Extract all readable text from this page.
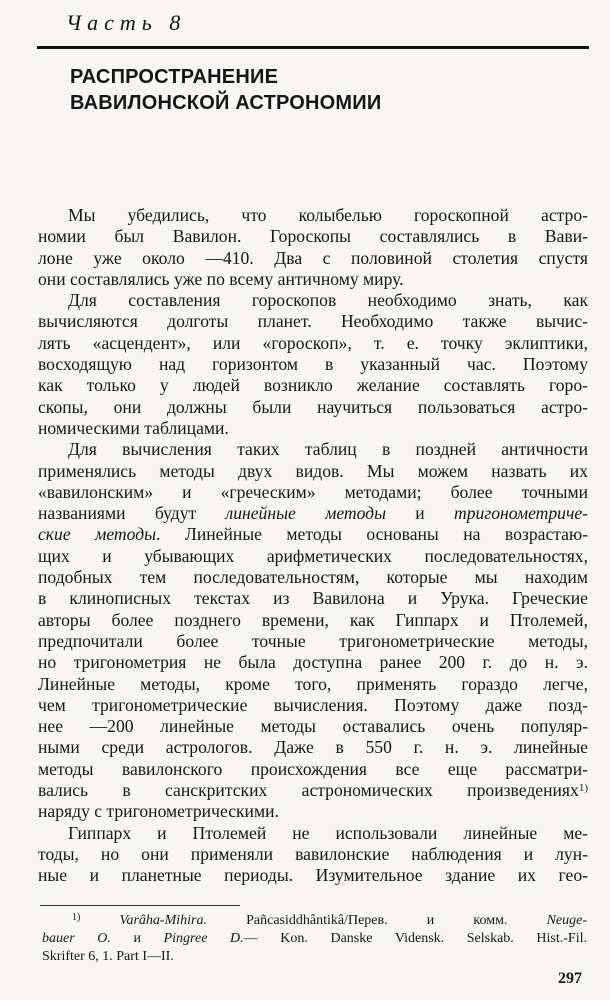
Часть 8
РАСПРОСТРАНЕНИЕ
ВАВИЛОНСКОЙ АСТРОНОМИИ
Мы убедились, что колыбелью гороскопной астро-
номии был Вавилон. Гороскопы составлялись в Вави-
лоне уже около —410. Два с половиной столетия спустя
они составлялись уже по всему античному миру.
Для составления гороскопов необходимо знать, как
вычисляются долготы планет. Необходимо также вычис-
лять «асцендент», или «гороскоп», т. е. точку эклиптики,
восходящую над горизонтом в указанный час. Поэтому
как только у людей возникло желание составлять горо-
скопы, они должны были научиться пользоваться астро-
номическими таблицами.
Для вычисления таких таблиц в поздней античности
применялись методы двух видов. Мы можем назвать их
«вавилонским» и «греческим» методами; более точными
названиями будут линейные методы и тригонометриче-
ские методы. Линейные методы основаны на возрастаю-
щих и убывающих арифметических последовательностях,
подобных тем последовательностям, которые мы находим
в клинописных текстах из Вавилона и Урука. Греческие
авторы более позднего времени, как Гиппарх и Птолемей,
предпочитали более точные тригонометрические методы,
но тригонометрия не была доступна ранее 200 г. до н. э.
Линейные методы, кроме того, применять гораздо легче,
чем тригонометрические вычисления. Поэтому даже позд-
нее —200 линейные методы оставались очень популяр-
ными среди астрологов. Даже в 550 г. н. э. линейные
методы вавилонского происхождения все еще рассматри-
вались в санскритских астрономических произведениях$^{1)}$
наряду с тригонометрическими.
Гиппарх и Птолемей не использовали линейные ме-
тоды, но они применяли вавилонские наблюдения и лун-
ные и планетные периоды. Изумительное здание их гео-
$^{1)}$	Varâha-Mihira. Pañcasiddhântikâ/Перев. и комм. Neuge-
bauer O. и Pingree D.— Kon. Danske Vidensk. Selskab. Hist.-Fil.
Skrifter 6, 1. Part I—II.
297
